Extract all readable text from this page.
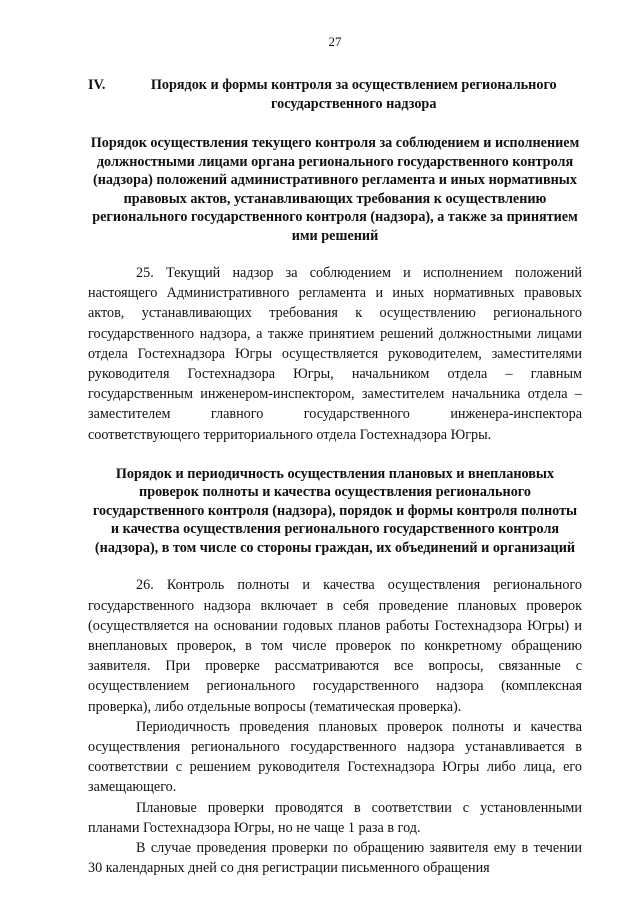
27
IV.	Порядок и формы контроля за осуществлением регионального государственного надзора

Порядок осуществления текущего контроля за соблюдением и исполнением должностными лицами органа регионального государственного контроля (надзора) положений административного регламента и иных нормативных правовых актов, устанавливающих требования к осуществлению регионального государственного контроля (надзора), а также за принятием ими решений

25. Текущий надзор за соблюдением и исполнением положений настоящего Административного регламента и иных нормативных правовых актов, устанавливающих требования к осуществлению регионального государственного надзора, а также принятием решений должностными лицами отдела Гостехнадзора Югры осуществляется руководителем, заместителями руководителя Гостехнадзора Югры, начальником отдела – главным государственным инженером-инспектором, заместителем начальника отдела – заместителем главного государственного инженера-инспектора соответствующего территориального отдела Гостехнадзора Югры.

Порядок и периодичность осуществления плановых и внеплановых проверок полноты и качества осуществления регионального государственного контроля (надзора), порядок и формы контроля полноты и качества осуществления регионального государственного контроля (надзора), в том числе со стороны граждан, их объединений и организаций

26. Контроль полноты и качества осуществления регионального государственного надзора включает в себя проведение плановых проверок (осуществляется на основании годовых планов работы Гостехнадзора Югры) и внеплановых проверок, в том числе проверок по конкретному обращению заявителя. При проверке рассматриваются все вопросы, связанные с осуществлением регионального государственного надзора (комплексная проверка), либо отдельные вопросы (тематическая проверка).

Периодичность проведения плановых проверок полноты и качества осуществления регионального государственного надзора устанавливается в соответствии с решением руководителя Гостехнадзора Югры либо лица, его замещающего.

Плановые проверки проводятся в соответствии с установленными планами Гостехнадзора Югры, но не чаще 1 раза в год.

В случае проведения проверки по обращению заявителя ему в течении 30 календарных дней со дня регистрации письменного обращения
